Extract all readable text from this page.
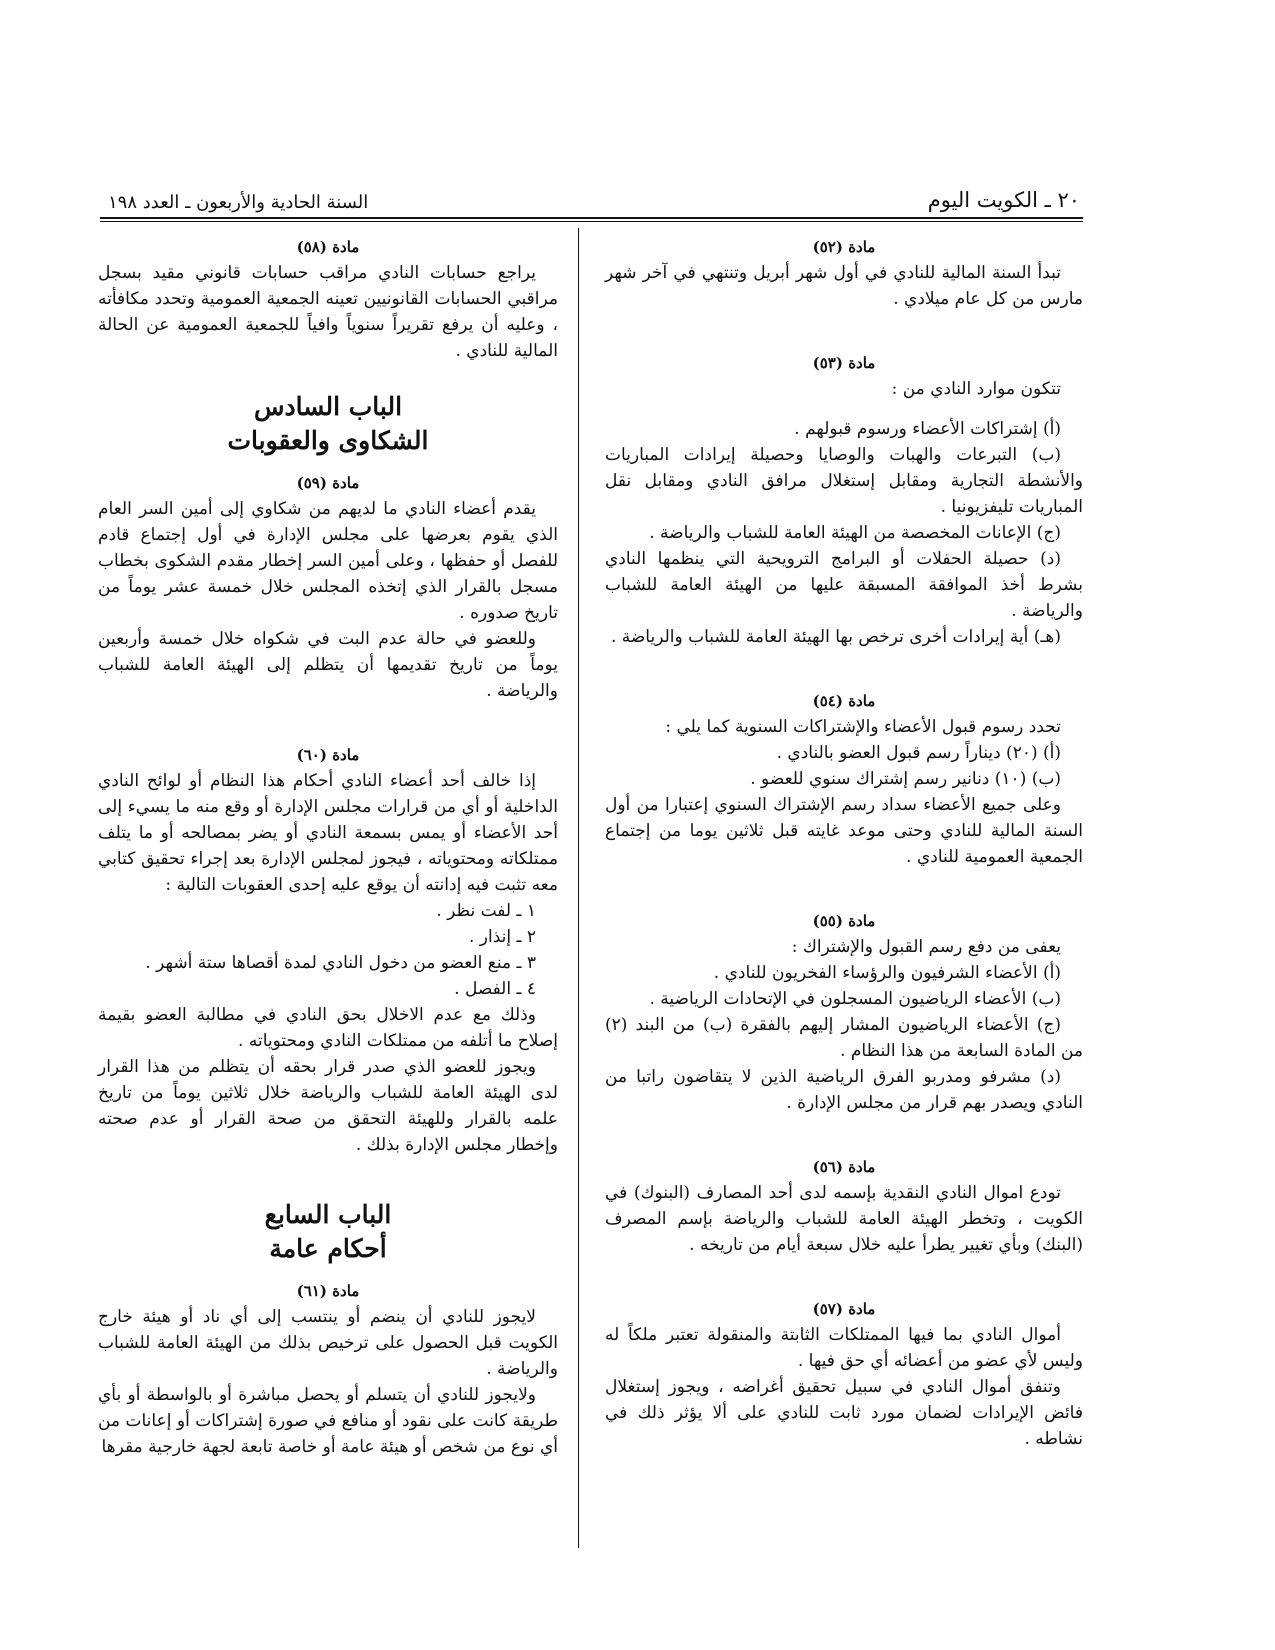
٢٠ ـ الكويت اليوم
السنة الحادية والأربعون ـ العدد ١٩٨
مادة (٥٢)

تبدأ السنة المالية للنادي في أول شهر أبريل وتنتهي في آخر شهر مارس من كل عام ميلادي .

مادة (٥٣)

تتكون موارد النادي من :

(أ) إشتراكات الأعضاء ورسوم قبولهم .

(ب) التبرعات والهبات والوصايا وحصيلة إيرادات المباريات والأنشطة التجارية ومقابل إستغلال مرافق النادي ومقابل نقل المباريات تليفزيونيا .

(ج) الإعانات المخصصة من الهيئة العامة للشباب والرياضة .

(د) حصيلة الحفلات أو البرامج الترويحية التي ينظمها النادي بشرط أخذ الموافقة المسبقة عليها من الهيئة العامة للشباب والرياضة .

(هـ) أية إيرادات أخرى ترخص بها الهيئة العامة للشباب والرياضة .

مادة (٥٤)

تحدد رسوم قبول الأعضاء والإشتراكات السنوية كما يلي :

(أ) (٢٠) ديناراً رسم قبول العضو بالنادي .

(ب) (١٠) دنانير رسم إشتراك سنوي للعضو .

وعلى جميع الأعضاء سداد رسم الإشتراك السنوي إعتبارا من أول السنة المالية للنادي وحتى موعد غايته قبل ثلاثين يوما من إجتماع الجمعية العمومية للنادي .

مادة (٥٥)

يعفى من دفع رسم القبول والإشتراك :

(أ) الأعضاء الشرفيون والرؤساء الفخريون للنادي .

(ب) الأعضاء الرياضيون المسجلون في الإتحادات الرياضية .

(ج) الأعضاء الرياضيون المشار إليهم بالفقرة (ب) من البند (٢) من المادة السابعة من هذا النظام .

(د) مشرفو ومدربو الفرق الرياضية الذين لا يتقاضون راتبا من النادي ويصدر بهم قرار من مجلس الإدارة .

مادة (٥٦)

تودع اموال النادي النقدية بإسمه لدى أحد المصارف (البنوك) في الكويت ، وتخطر الهيئة العامة للشباب والرياضة بإسم المصرف (البنك) وبأي تغيير يطرأ عليه خلال سبعة أيام من تاريخه .

مادة (٥٧)

أموال النادي بما فيها الممتلكات الثابتة والمنقولة تعتبر ملكاً له وليس لأي عضو من أعضائه أي حق فيها .

وتنفق أموال النادي في سبيل تحقيق أغراضه ، ويجوز إستغلال فائض الإيرادات لضمان مورد ثابت للنادي على ألا يؤثر ذلك في نشاطه .

مادة (٥٨)

يراجع حسابات النادي مراقب حسابات قانوني مقيد بسجل مراقبي الحسابات القانونيين تعينه الجمعية العمومية وتحدد مكافأته ، وعليه أن يرفع تقريراً سنوياً وافياً للجمعية العمومية عن الحالة المالية للنادي .

الباب السادس

الشكاوى والعقوبات

مادة (٥٩)

يقدم أعضاء النادي ما لديهم من شكاوي إلى أمين السر العام الذي يقوم بعرضها على مجلس الإدارة في أول إجتماع قادم للفصل أو حفظها ، وعلى أمين السر إخطار مقدم الشكوى بخطاب مسجل بالقرار الذي إتخذه المجلس خلال خمسة عشر يوماً من تاريخ صدوره .

وللعضو في حالة عدم البت في شكواه خلال خمسة وأربعين يوماً من تاريخ تقديمها أن يتظلم إلى الهيئة العامة للشباب والرياضة .

مادة (٦٠)

إذا خالف أحد أعضاء النادي أحكام هذا النظام أو لوائح النادي الداخلية أو أي من قرارات مجلس الإدارة أو وقع منه ما يسيء إلى أحد الأعضاء أو يمس بسمعة النادي أو يضر بمصالحه أو ما يتلف ممتلكاته ومحتوياته ، فيجوز لمجلس الإدارة بعد إجراء تحقيق كتابي معه تثبت فيه إدانته أن يوقع عليه إحدى العقوبات التالية :

١ ـ لفت نظر .

٢ ـ إنذار .

٣ ـ منع العضو من دخول النادي لمدة أقصاها ستة أشهر .

٤ ـ الفصل .

وذلك مع عدم الاخلال بحق النادي في مطالبة العضو بقيمة إصلاح ما أتلفه من ممتلكات النادي ومحتوياته .

ويجوز للعضو الذي صدر قرار بحقه أن يتظلم من هذا القرار لدى الهيئة العامة للشباب والرياضة خلال ثلاثين يوماً من تاريخ علمه بالقرار وللهيئة التحقق من صحة القرار أو عدم صحته وإخطار مجلس الإدارة بذلك .

الباب السابع

أحكام عامة

مادة (٦١)

لايجوز للنادي أن ينضم أو ينتسب إلى أي ناد أو هيئة خارج الكويت قبل الحصول على ترخيص بذلك من الهيئة العامة للشباب والرياضة .

ولايجوز للنادي أن يتسلم أو يحصل مباشرة أو بالواسطة أو بأي طريقة كانت على نقود أو منافع في صورة إشتراكات أو إعانات من أي نوع من شخص أو هيئة عامة أو خاصة تابعة لجهة خارجية مقرها
